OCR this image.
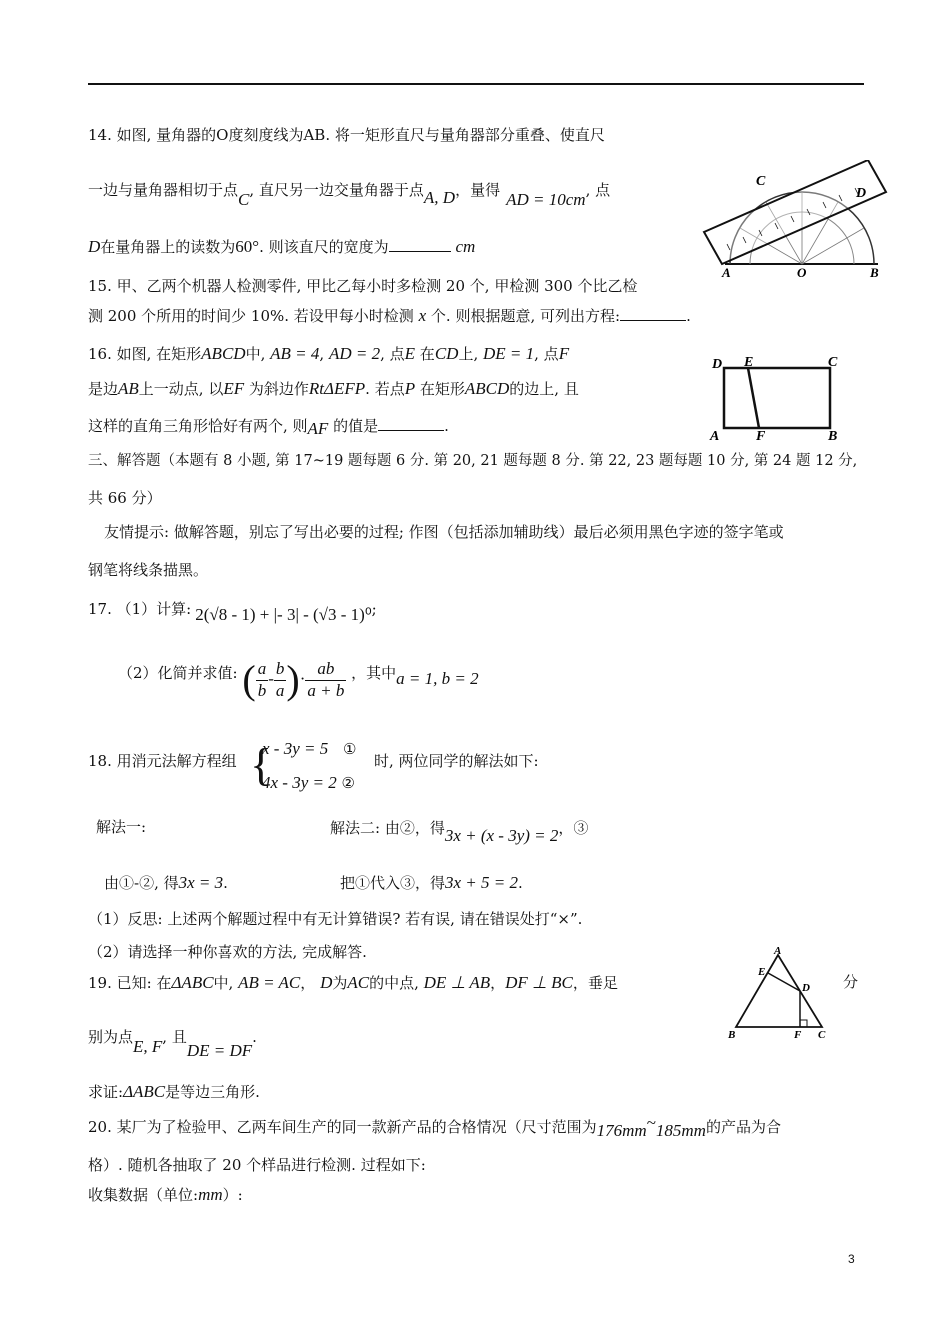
14. 如图, 量角器的O度刻度线为AB. 将一矩形直尺与量角器部分重叠、使直尺
一边与量角器相切于点C, 直尺另一边交量角器于点A, D，量得 AD = 10cm, 点
D在量角器上的读数为60°. 则该直尺的宽度为	cm
C
D
A	O	B
15. 甲、乙两个机器人检测零件, 甲比乙每小时多检测 20 个, 甲检测 300 个比乙检
测 200 个所用的时间少 10%. 若设甲每小时检测 x 个. 则根据题意, 可列出方程:	.
16. 如图, 在矩形ABCD中, AB = 4, AD = 2, 点E 在CD上, DE = 1, 点F
是边AB上一动点, 以EF 为斜边作RtΔEFP. 若点P 在矩形ABCD的边上, 且
这样的直角三角形恰好有两个, 则AF 的值是	.
D E	C
A	F	B
三、解答题（本题有 8 小题, 第 17~19 题每题 6 分. 第 20, 21 题每题 8 分. 第 22, 23 题每题 10 分, 第 24 题 12 分,
共 66 分）
友情提示: 做解答题，别忘了写出必要的过程; 作图（包括添加辅助线）最后必须用黑色字迹的签字笔或
钢笔将线条描黑。
17. （1）计算: 2(√8 - 1) + |- 3| - (√3 - 1)⁰;
（2）化简并求值: ( $\frac{a}{b} - \frac{b}{a}$ )· $\frac{ab}{a + b}$ ，其中a = 1, b = 2
18. 用消元法解方程组 {
x - 3y = 5 ①
4x - 3y = 2 ②
时, 两位同学的解法如下:
解法一:	解法二: 由②，得3x + (x - 3y) = 2，③
由①-②, 得3x = 3.	把①代入③，得3x + 5 = 2.
（1）反思: 上述两个解题过程中有无计算错误? 若有误, 请在错误处打“×”.
（2）请选择一种你喜欢的方法, 完成解答.
19. 已知: 在ΔABC中, AB = AC， D为AC的中点, DE ⊥ AB，DF ⊥ BC，垂足	分
别为点E, F, 且DE = DF.
求证:ΔABC是等边三角形.
A
E
D
B	F C
20. 某厂为了检验甲、乙两车间生产的同一款新产品的合格情况（尺寸范围为176mm~185mm的产品为合
格）. 随机各抽取了 20 个样品进行检测. 过程如下:
收集数据（单位:mm）:
3
